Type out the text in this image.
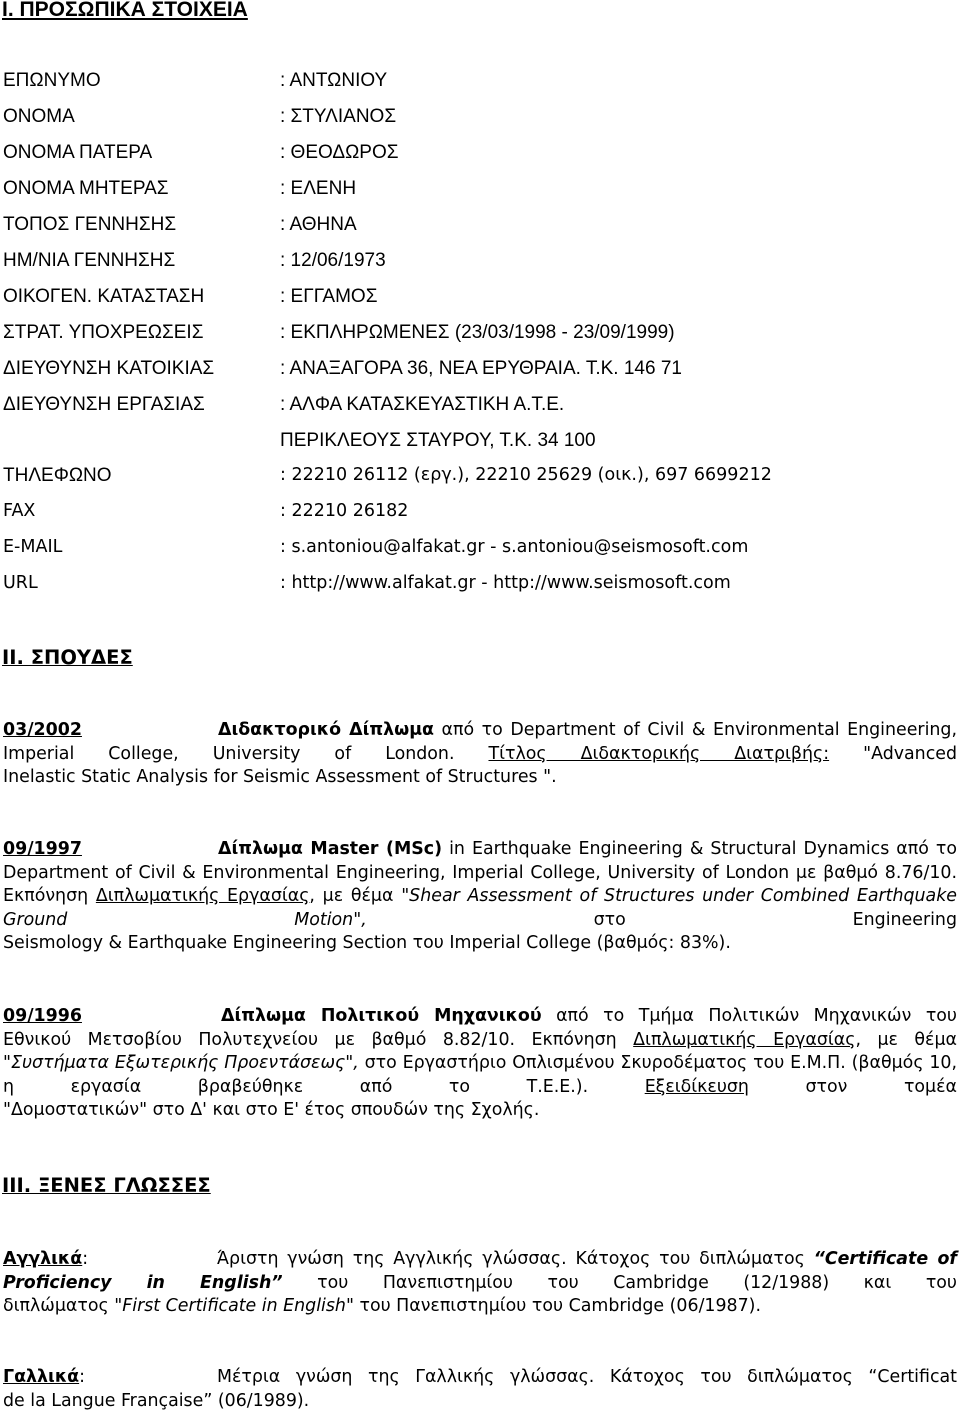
I. ΠΡΟΣΩΠΙΚΑ ΣΤΟΙΧΕΙΑ
ΕΠΩΝΥΜΟ	: ΑΝΤΩΝΙΟΥ
ΟΝΟΜΑ	: ΣΤΥΛΙΑΝΟΣ
ΟΝΟΜΑ ΠΑΤΕΡΑ	: ΘΕΟΔΩΡΟΣ
ΟΝΟΜΑ ΜΗΤΕΡΑΣ	: ΕΛΕΝΗ
ΤΟΠΟΣ ΓΕΝΝΗΣΗΣ	: ΑΘΗΝΑ
ΗΜ/ΝΙΑ ΓΕΝΝΗΣΗΣ	: 12/06/1973
ΟΙΚΟΓΕΝ. ΚΑΤΑΣΤΑΣΗ	: ΕΓΓΑΜΟΣ
ΣΤΡΑΤ. ΥΠΟΧΡΕΩΣΕΙΣ	: ΕΚΠΛΗΡΩΜΕΝΕΣ (23/03/1998 - 23/09/1999)
ΔΙΕΥΘΥΝΣΗ ΚΑΤΟΙΚΙΑΣ	: ΑΝΑΞΑΓΟΡΑ 36, ΝΕΑ ΕΡΥΘΡΑΙΑ. Τ.Κ. 146 71
ΔΙΕΥΘΥΝΣΗ ΕΡΓΑΣΙΑΣ	: ΑΛΦΑ ΚΑΤΑΣΚΕΥΑΣΤΙΚΗ Α.Τ.Ε.
ΠΕΡΙΚΛΕΟΥΣ ΣΤΑΥΡΟΥ, Τ.Κ. 34 100
ΤΗΛΕΦΩΝΟ	: 22210 26112 (εργ.), 22210 25629 (οικ.), 697 6699212
FAX	: 22210 26182
E-MAIL	: s.antoniou@alfakat.gr - s.antoniou@seismosoft.com
URL	: http://www.alfakat.gr - http://www.seismosoft.com
II. ΣΠΟΥΔΕΣ
03/2002	Διδακτορικό Δίπλωμα από το Department of Civil & Environmental Engineering, Imperial College, University of London. Τίτλος Διδακτορικής Διατριβής: "Advanced
Inelastic Static Analysis for Seismic Assessment of Structures ".
09/1997	Δίπλωμα Master (MSc) in Earthquake Engineering & Structural Dynamics από το Department of Civil & Environmental Engineering, Imperial College, University of London με βαθμό 8.76/10. Εκπόνηση Διπλωματικής Εργασίας, με θέμα "Shear Assessment of Structures under Combined Earthquake Ground Motion", στο Engineering
Seismology & Earthquake Engineering Section του Imperial College (βαθμός: 83%).
09/1996	Δίπλωμα Πολιτικού Μηχανικού από το Τμήμα Πολιτικών Μηχανικών του Εθνικού Μετσοβίου Πολυτεχνείου με βαθμό 8.82/10. Εκπόνηση Διπλωματικής Εργασίας, με θέμα "Συστήματα Εξωτερικής Προεντάσεως", στο Εργαστήριο Οπλισμένου Σκυροδέματος του Ε.Μ.Π. (βαθμός 10, η εργασία βραβεύθηκε από το Τ.Ε.Ε.). Εξειδίκευση στον τομέα
"Δομοστατικών" στο Δ' και στο Ε' έτος σπουδών της Σχολής.
III. ΞΕΝΕΣ ΓΛΩΣΣΕΣ
Αγγλικά:	Άριστη γνώση της Αγγλικής γλώσσας. Κάτοχος του διπλώματος “Certificate of Proficiency in English” του Πανεπιστημίου του Cambridge (12/1988) και του
διπλώματος "First Certificate in English" του Πανεπιστημίου του Cambridge (06/1987).
Γαλλικά:	Μέτρια γνώση της Γαλλικής γλώσσας. Κάτοχος του διπλώματος “Certificat
de la Langue Française” (06/1989).
